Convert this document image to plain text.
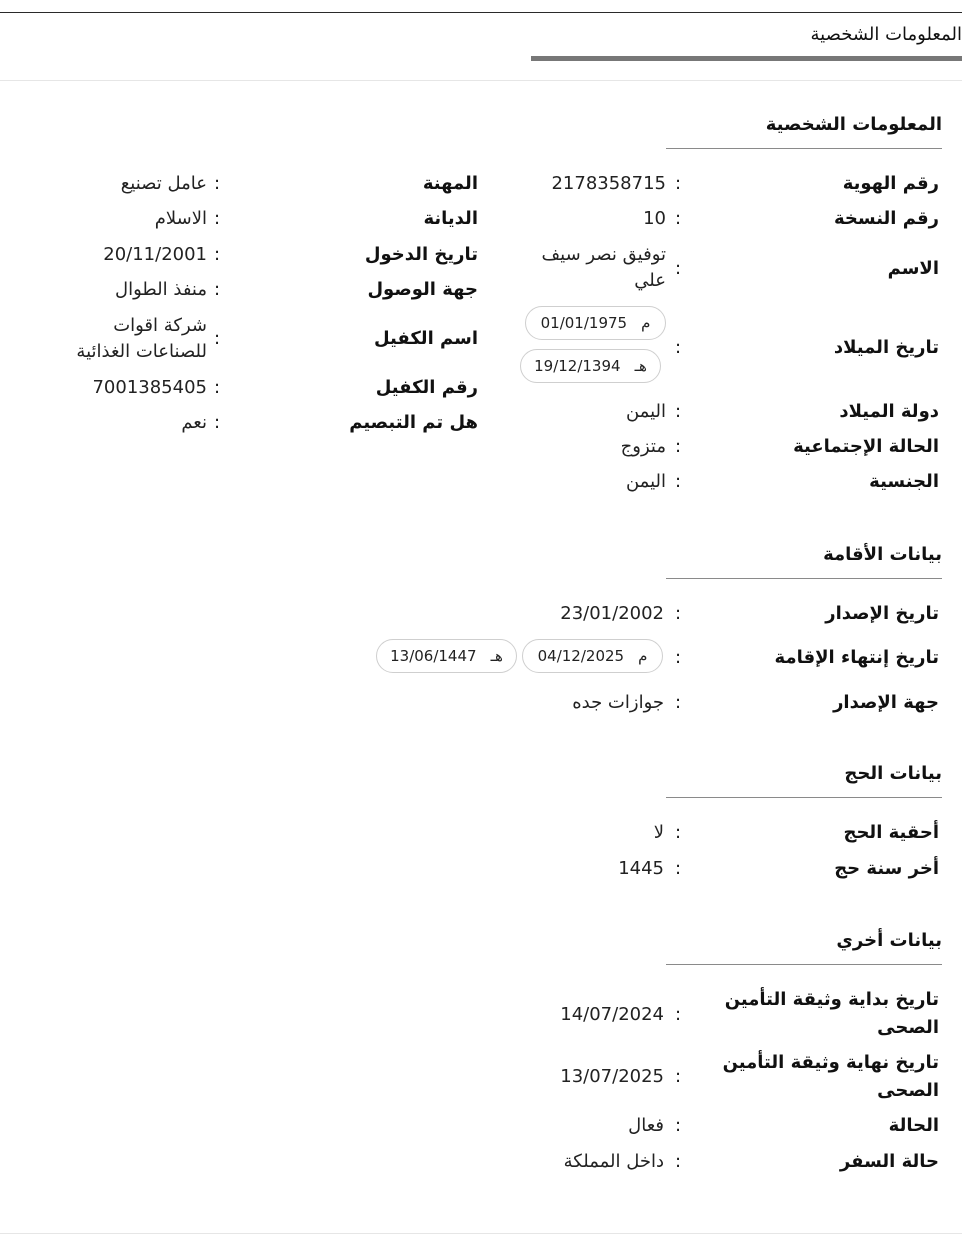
المعلومات الشخصية
المعلومات الشخصية
رقم الهوية
:
2178358715
رقم النسخة
:
10
الاسم
:
توفيق نصر سيف علي
تاريخ الميلاد
:
م
01/01/1975
هـ
19/12/1394
دولة الميلاد
:
اليمن
الحالة الإجتماعية
:
متزوج
الجنسية
:
اليمن
المهنة
:
عامل تصنيع
الديانة
:
الاسلام
تاريخ الدخول
:
20/11/2001
جهة الوصول
:
منفذ الطوال
اسم الكفيل
:
شركة اقوات للصناعات الغذائية
رقم الكفيل
:
7001385405
هل تم التبصيم
:
نعم
بيانات الأقامة
تاريخ الإصدار
:
23/01/2002
تاريخ إنتهاء الإقامة
:
م
04/12/2025
هـ
13/06/1447
جهة الإصدار
:
جوازات جده
بيانات الحج
أحقية الحج
:
لا
أخر سنة حج
:
1445
بيانات أخري
تاريخ بداية وثيقة التأمين الصحى
:
14/07/2024
تاريخ نهاية وثيقة التأمين الصحى
:
13/07/2025
الحالة
:
فعال
حالة السفر
:
داخل المملكة
